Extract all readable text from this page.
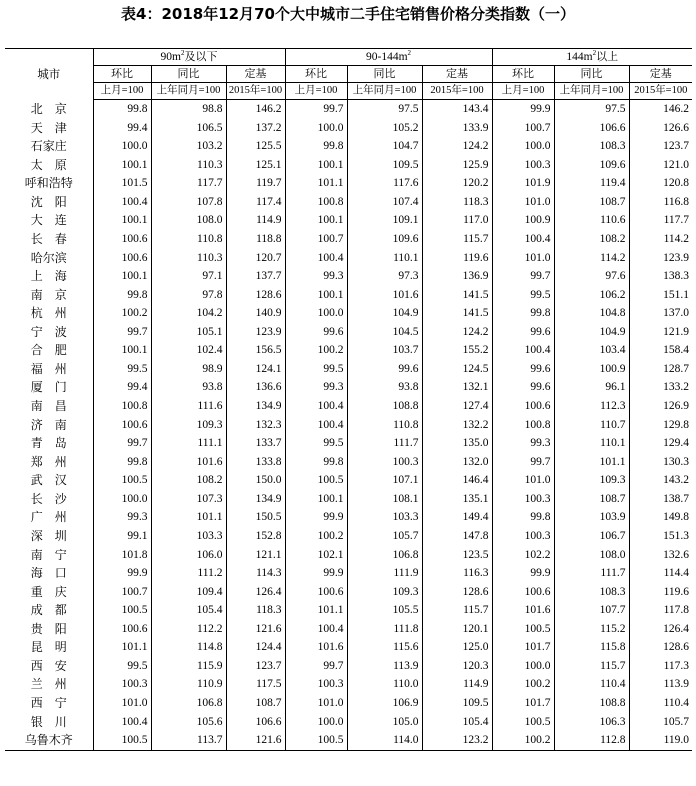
表4：2018年12月70个大中城市二手住宅销售价格分类指数（一）
城市	$90m^2$及以下			$90-144m^2$			$144m^2$以上		
	环比	同比	定基	环比	同比	定基	环比	同比	定基
	上月=100	上年同月=100	2015年=100	上月=100	上年同月=100	2015年=100	上月=100	上年同月=100	2015年=100
北　京	99.8	98.8	146.2	99.7	97.5	143.4	99.9	97.5	146.2
天　津	99.4	106.5	137.2	100.0	105.2	133.9	100.7	106.6	126.6
石家庄	100.0	103.2	125.5	99.8	104.7	124.2	100.0	108.3	123.7
太　原	100.1	110.3	125.1	100.1	109.5	125.9	100.3	109.6	121.0
呼和浩特	101.5	117.7	119.7	101.1	117.6	120.2	101.9	119.4	120.8
沈　阳	100.4	107.8	117.4	100.8	107.4	118.3	101.0	108.7	116.8
大　连	100.1	108.0	114.9	100.1	109.1	117.0	100.9	110.6	117.7
长　春	100.6	110.8	118.8	100.7	109.6	115.7	100.4	108.2	114.2
哈尔滨	100.6	110.3	120.7	100.4	110.1	119.6	101.0	114.2	123.9
上　海	100.1	97.1	137.7	99.3	97.3	136.9	99.7	97.6	138.3
南　京	99.8	97.8	128.6	100.1	101.6	141.5	99.5	106.2	151.1
杭　州	100.2	104.2	140.9	100.0	104.9	141.5	99.8	104.8	137.0
宁　波	99.7	105.1	123.9	99.6	104.5	124.2	99.6	104.9	121.9
合　肥	100.1	102.4	156.5	100.2	103.7	155.2	100.4	103.4	158.4
福　州	99.5	98.9	124.1	99.5	99.6	124.5	99.6	100.9	128.7
厦　门	99.4	93.8	136.6	99.3	93.8	132.1	99.6	96.1	133.2
南　昌	100.8	111.6	134.9	100.4	108.8	127.4	100.6	112.3	126.9
济　南	100.6	109.3	132.3	100.4	110.8	132.2	100.8	110.7	129.8
青　岛	99.7	111.1	133.7	99.5	111.7	135.0	99.3	110.1	129.4
郑　州	99.8	101.6	133.8	99.8	100.3	132.0	99.7	101.1	130.3
武　汉	100.5	108.2	150.0	100.5	107.1	146.4	101.0	109.3	143.2
长　沙	100.0	107.3	134.9	100.1	108.1	135.1	100.3	108.7	138.7
广　州	99.3	101.1	150.5	99.9	103.3	149.4	99.8	103.9	149.8
深　圳	99.1	103.3	152.8	100.2	105.7	147.8	100.3	106.7	151.3
南　宁	101.8	106.0	121.1	102.1	106.8	123.5	102.2	108.0	132.6
海　口	99.9	111.2	114.3	99.9	111.9	116.3	99.9	111.7	114.4
重　庆	100.7	109.4	126.4	100.6	109.3	128.6	100.6	108.3	119.6
成　都	100.5	105.4	118.3	101.1	105.5	115.7	101.6	107.7	117.8
贵　阳	100.6	112.2	121.6	100.4	111.8	120.1	100.5	115.2	126.4
昆　明	101.1	114.8	124.4	101.6	115.6	125.0	101.7	115.8	128.6
西　安	99.5	115.9	123.7	99.7	113.9	120.3	100.0	115.7	117.3
兰　州	100.3	110.9	117.5	100.3	110.0	114.9	100.2	110.4	113.9
西　宁	101.0	106.8	108.7	101.0	106.9	109.5	101.7	108.8	110.4
银　川	100.4	105.6	106.6	100.0	105.0	105.4	100.5	106.3	105.7
乌鲁木齐	100.5	113.7	121.6	100.5	114.0	123.2	100.2	112.8	119.0
